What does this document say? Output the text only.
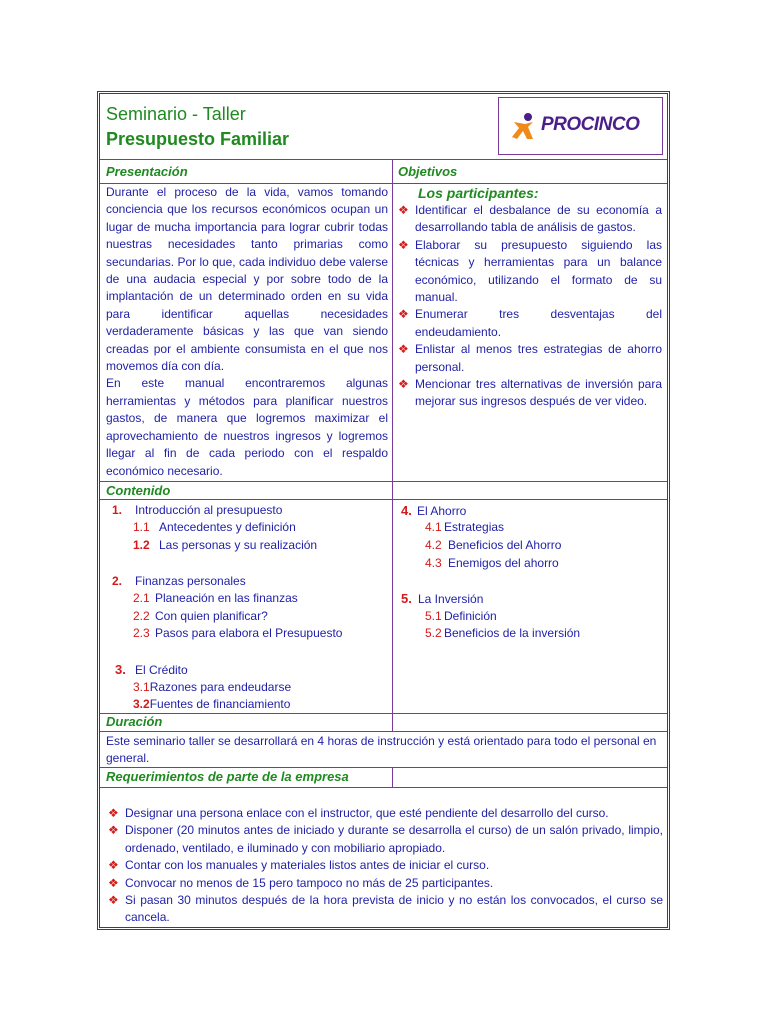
Seminario - Taller
Presupuesto Familiar
PROCINCO
Presentación
Durante el proceso de la vida, vamos tomando conciencia que los recursos económicos ocupan un lugar de mucha importancia para lograr cubrir todas nuestras necesidades tanto primarias como secundarias. Por lo que, cada individuo debe valerse de una audacia especial y por sobre todo de la implantación de un determinado orden en su vida para identificar aquellas necesidades verdaderamente básicas y las que van siendo creadas por el ambiente consumista en el que nos movemos día con día.
En este manual encontraremos algunas herramientas y métodos para planificar nuestros gastos, de manera que logremos maximizar el aprovechamiento de nuestros ingresos y logremos llegar al fin de cada periodo con el respaldo económico necesario.
Objetivos
Los participantes:
❖ Identificar el desbalance de su economía a desarrollando tabla de análisis de gastos.
❖ Elaborar su presupuesto siguiendo las técnicas y herramientas para un balance económico, utilizando el formato de su manual.
❖ Enumerar tres desventajas del endeudamiento.
❖ Enlistar al menos tres estrategias de ahorro personal.
❖ Mencionar tres alternativas de inversión para mejorar sus ingresos después de ver video.
Contenido
1. Introducción al presupuesto
1.1 Antecedentes y definición
1.2 Las personas y su realización
2. Finanzas personales
2.1 Planeación en las finanzas
2.2 Con quien planificar?
2.3 Pasos para elabora el Presupuesto
3. El Crédito
3.1Razones para endeudarse
3.2Fuentes de financiamiento
4. El Ahorro
4.1 Estrategias
4.2 Beneficios del Ahorro
4.3 Enemigos del ahorro
5. La Inversión
5.1 Definición
5.2 Beneficios de la inversión
Duración
Este seminario taller se desarrollará en 4 horas de instrucción y está orientado para todo el personal en general.
Requerimientos de parte de la empresa
❖ Designar una persona enlace con el instructor, que esté pendiente del desarrollo del curso.
❖ Disponer (20 minutos antes de iniciado y durante se desarrolla el curso) de un salón privado, limpio, ordenado, ventilado, e iluminado y con mobiliario apropiado.
❖ Contar con los manuales y materiales listos antes de iniciar el curso.
❖ Convocar no menos de 15 pero tampoco no más de 25 participantes.
❖ Si pasan 30 minutos después de la hora prevista de inicio y no están los convocados, el curso se cancela.
